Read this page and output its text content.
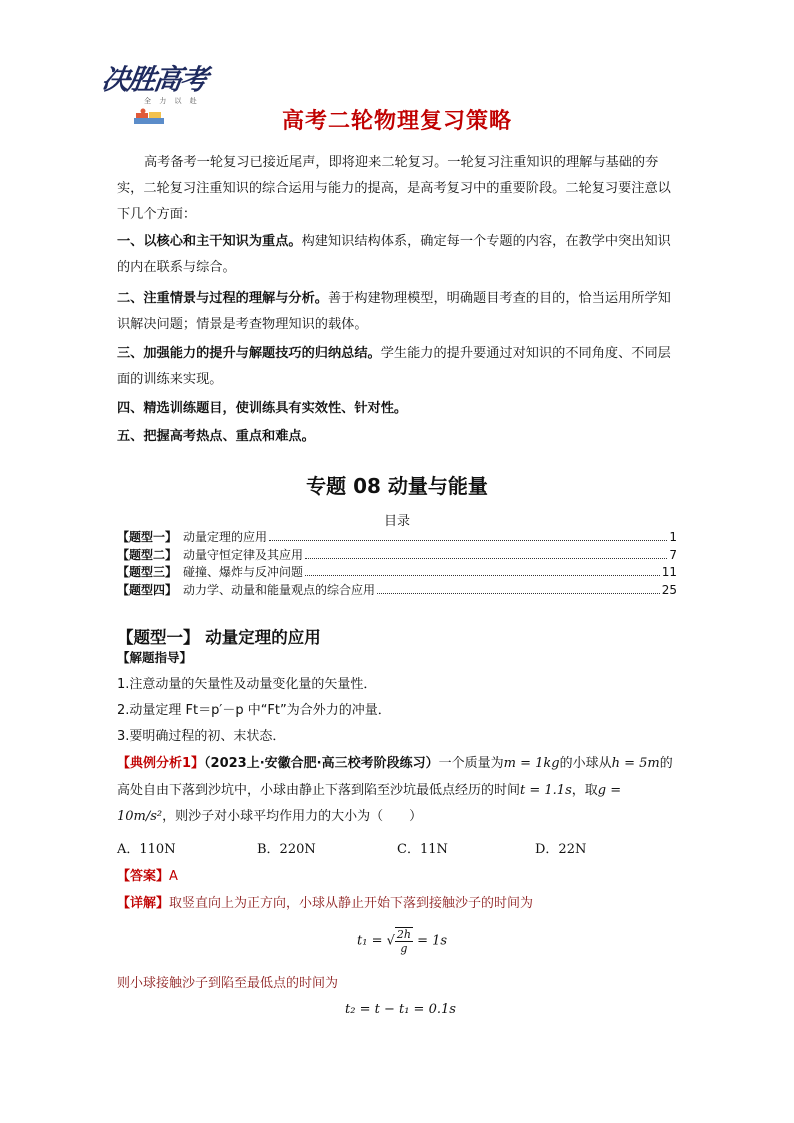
决胜高考
全 力 以 赴
高考二轮物理复习策略
高考备考一轮复习已接近尾声，即将迎来二轮复习。一轮复习注重知识的理解与基础的夯实，二轮复习注重知识的综合运用与能力的提高，是高考复习中的重要阶段。二轮复习要注意以下几个方面：
一、以核心和主干知识为重点。构建知识结构体系，确定每一个专题的内容，在教学中突出知识的内在联系与综合。
二、注重情景与过程的理解与分析。善于构建物理模型，明确题目考查的目的，恰当运用所学知识解决问题；情景是考查物理知识的载体。
三、加强能力的提升与解题技巧的归纳总结。学生能力的提升要通过对知识的不同角度、不同层面的训练来实现。
四、精选训练题目，使训练具有实效性、针对性。
五、把握高考热点、重点和难点。
专题 08 动量与能量
目录
【题型一】 动量定理的应用	1
【题型二】 动量守恒定律及其应用	7
【题型三】 碰撞、爆炸与反冲问题	11
【题型四】 动力学、动量和能量观点的综合应用	25
【题型一】 动量定理的应用
【解题指导】
1.注意动量的矢量性及动量变化量的矢量性．
2.动量定理 Ft＝p′－p 中“Ft”为合外力的冲量．
3.要明确过程的初、末状态．
【典例分析1】（2023上·安徽合肥·高三校考阶段练习）一个质量为m = 1kg的小球从h = 5m的高处自由下落到沙坑中，小球由静止下落到陷至沙坑最低点经历的时间t = 1.1s，取g = 10m/s²，则沙子对小球平均作用力的大小为（　　）
A．110N	B．220N	C．11N	D．22N
【答案】A
【详解】取竖直向上为正方向，小球从静止开始下落到接触沙子的时间为
t₁ = √ $\frac{2h}{g} = 1s$
则小球接触沙子到陷至最低点的时间为
t₂ = t − t₁ = 0.1s
